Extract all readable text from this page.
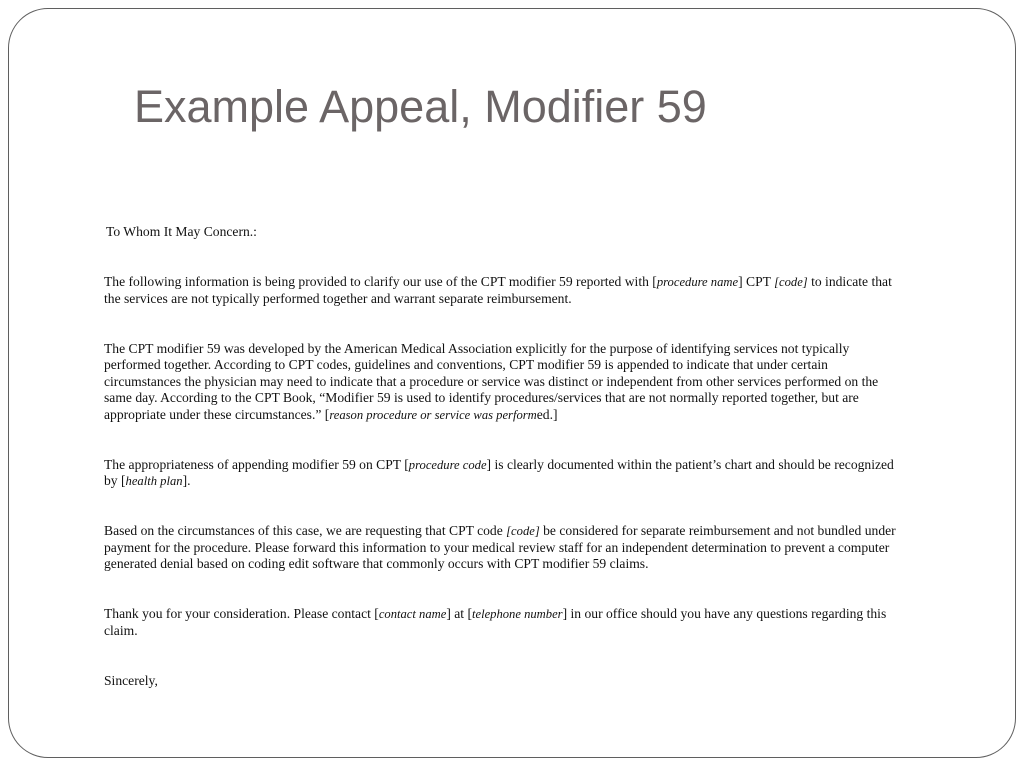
Example Appeal, Modifier 59

To Whom It May Concern.:

The following information is being provided to clarify our use of the CPT modifier 59 reported with [procedure name] CPT [code] to indicate that the services are not typically performed together and warrant separate reimbursement.

The CPT modifier 59 was developed by the American Medical Association explicitly for the purpose of identifying services not typically performed together. According to CPT codes, guidelines and conventions, CPT modifier 59 is appended to indicate that under certain circumstances the physician may need to indicate that a procedure or service was distinct or independent from other services performed on the same day. According to the CPT Book, “Modifier 59 is used to identify procedures/services that are not normally reported together, but are appropriate under these circumstances.” [reason procedure or service was performed.]

The appropriateness of appending modifier 59 on CPT [procedure code] is clearly documented within the patient’s chart and should be recognized by [health plan].

Based on the circumstances of this case, we are requesting that CPT code [code] be considered for separate reimbursement and not bundled under payment for the procedure. Please forward this information to your medical review staff for an independent determination to prevent a computer generated denial based on coding edit software that commonly occurs with CPT modifier 59 claims.

Thank you for your consideration. Please contact [contact name] at [telephone number] in our office should you have any questions regarding this claim.

Sincerely,
